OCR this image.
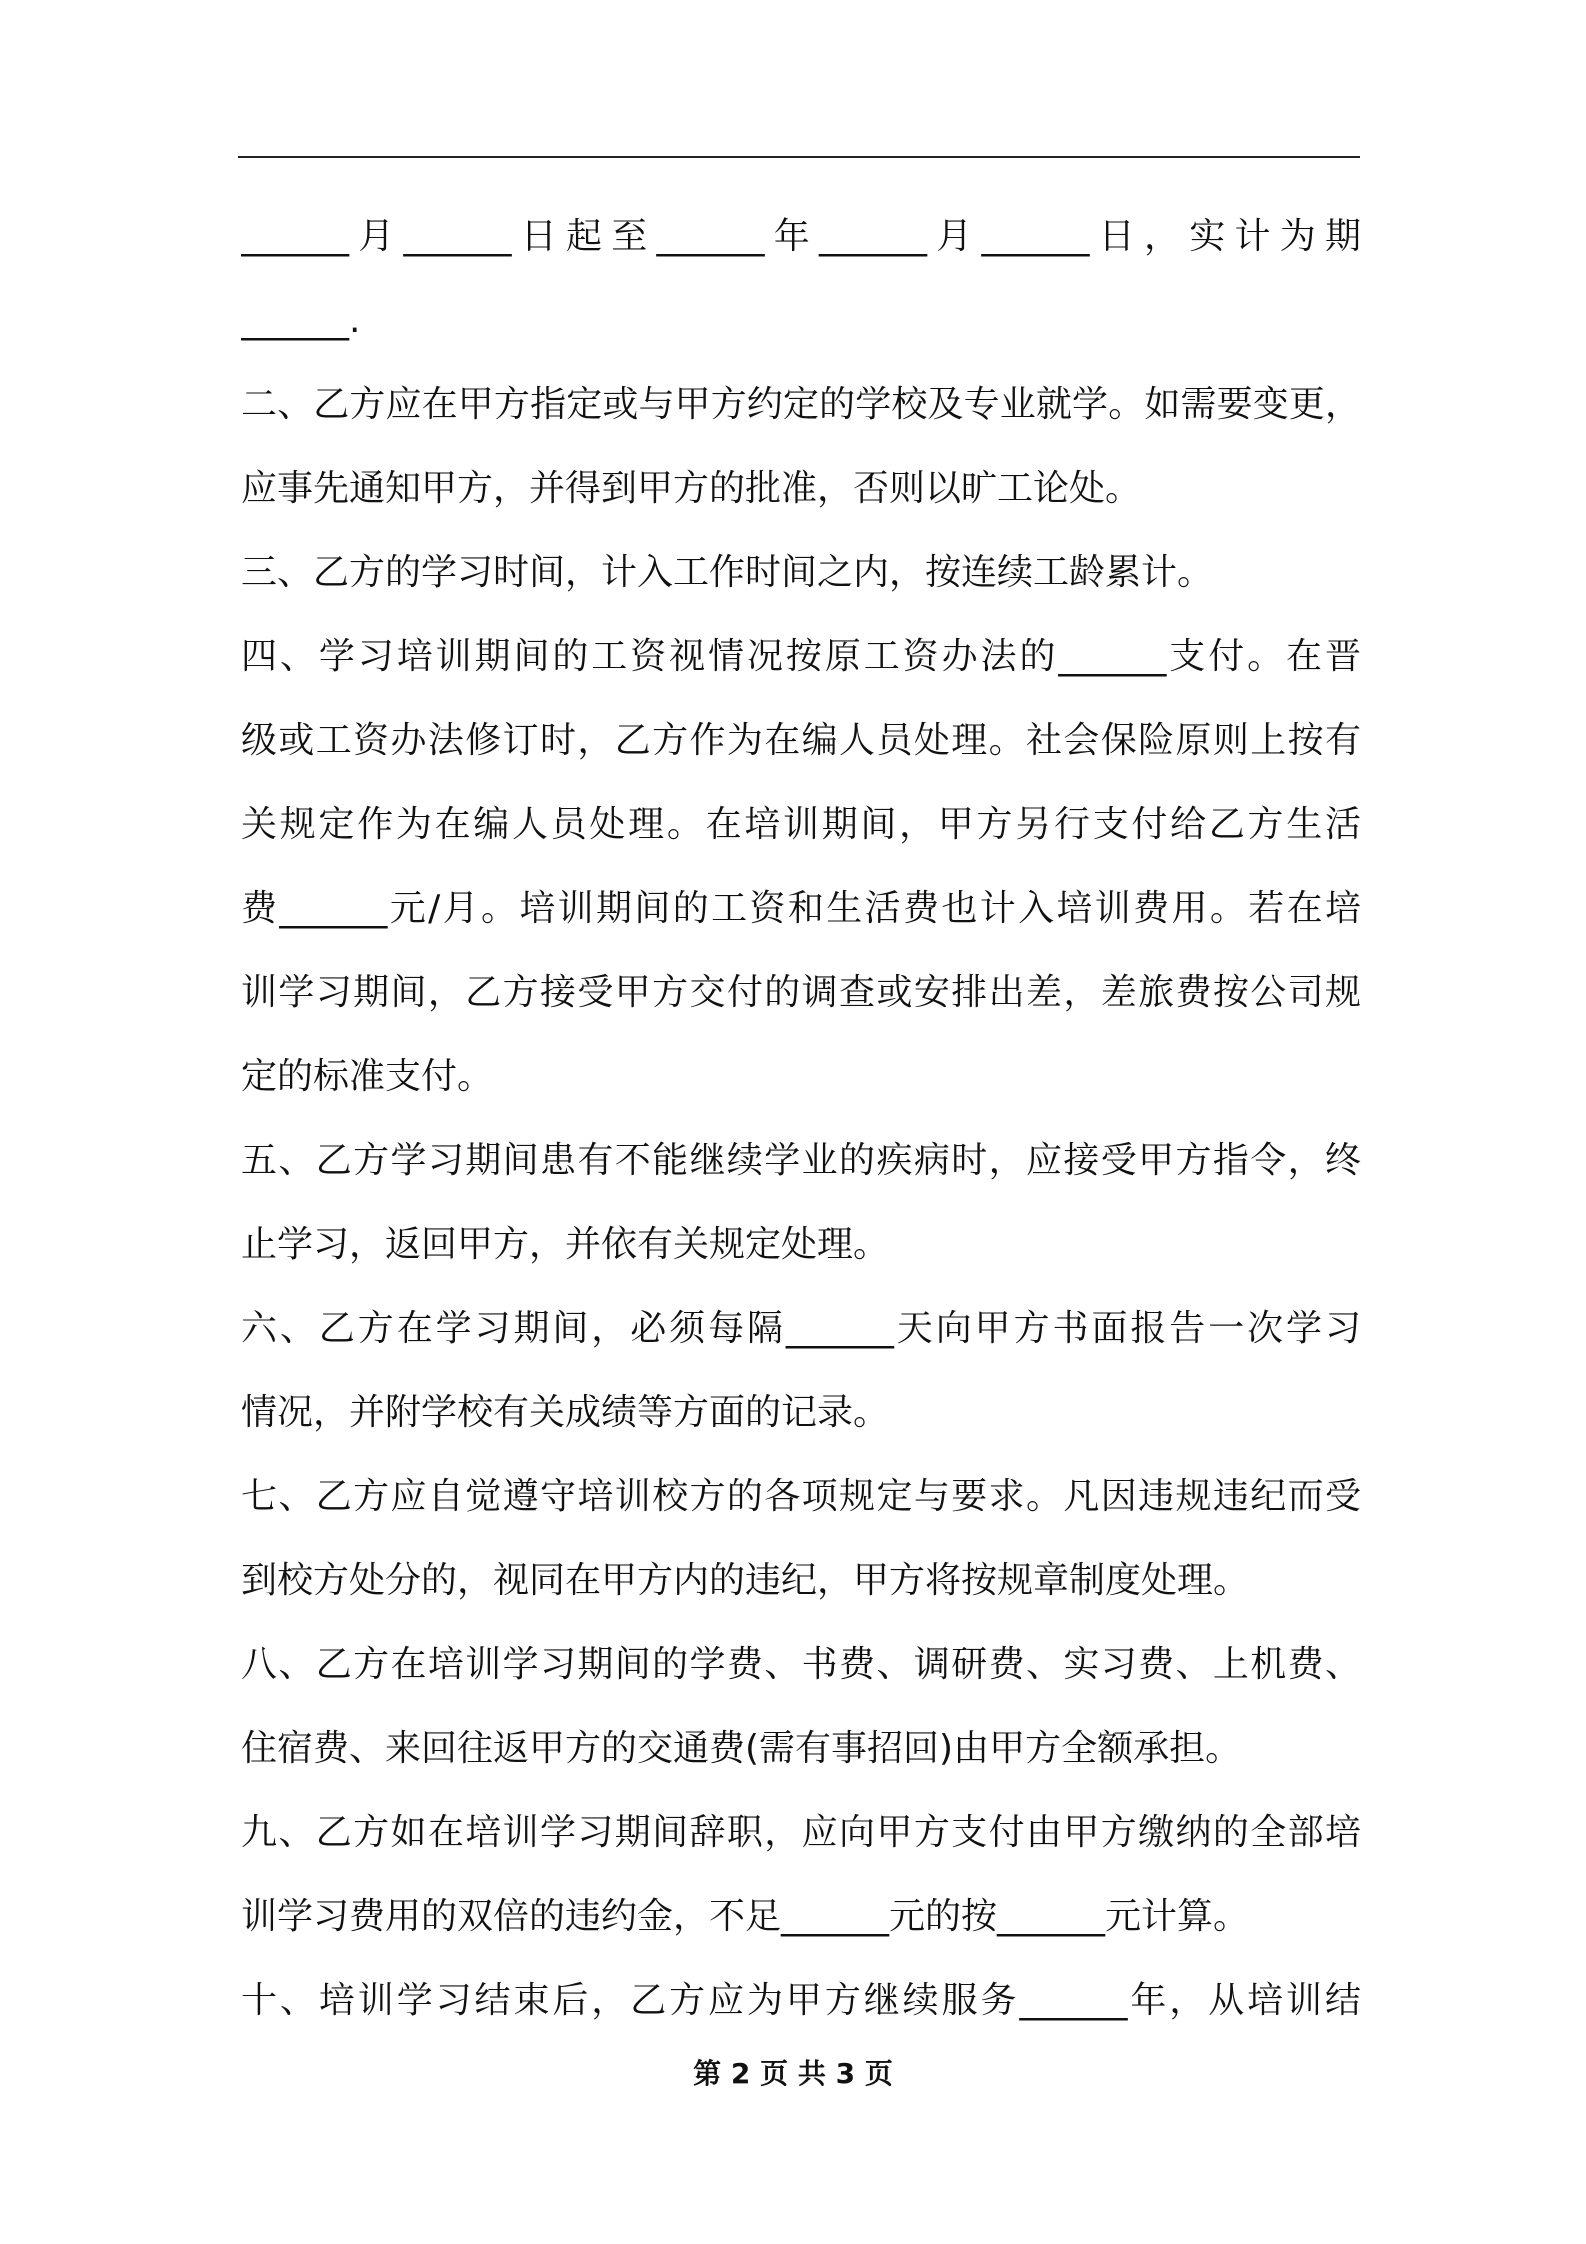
______月______日起至______年______月______日，实计为期
______.
二、乙方应在甲方指定或与甲方约定的学校及专业就学。如需要变更，
应事先通知甲方，并得到甲方的批准，否则以旷工论处。
三、乙方的学习时间，计入工作时间之内，按连续工龄累计。
四、学习培训期间的工资视情况按原工资办法的______支付。在晋
级或工资办法修订时，乙方作为在编人员处理。社会保险原则上按有
关规定作为在编人员处理。在培训期间，甲方另行支付给乙方生活
费______元/月。培训期间的工资和生活费也计入培训费用。若在培
训学习期间，乙方接受甲方交付的调查或安排出差，差旅费按公司规
定的标准支付。
五、乙方学习期间患有不能继续学业的疾病时，应接受甲方指令，终
止学习，返回甲方，并依有关规定处理。
六、乙方在学习期间，必须每隔______天向甲方书面报告一次学习
情况，并附学校有关成绩等方面的记录。
七、乙方应自觉遵守培训校方的各项规定与要求。凡因违规违纪而受
到校方处分的，视同在甲方内的违纪，甲方将按规章制度处理。
八、乙方在培训学习期间的学费、书费、调研费、实习费、上机费、
住宿费、来回往返甲方的交通费(需有事招回)由甲方全额承担。
九、乙方如在培训学习期间辞职，应向甲方支付由甲方缴纳的全部培
训学习费用的双倍的违约金，不足______元的按______元计算。
十、培训学习结束后，乙方应为甲方继续服务______年，从培训结
第 2 页 共 3 页
